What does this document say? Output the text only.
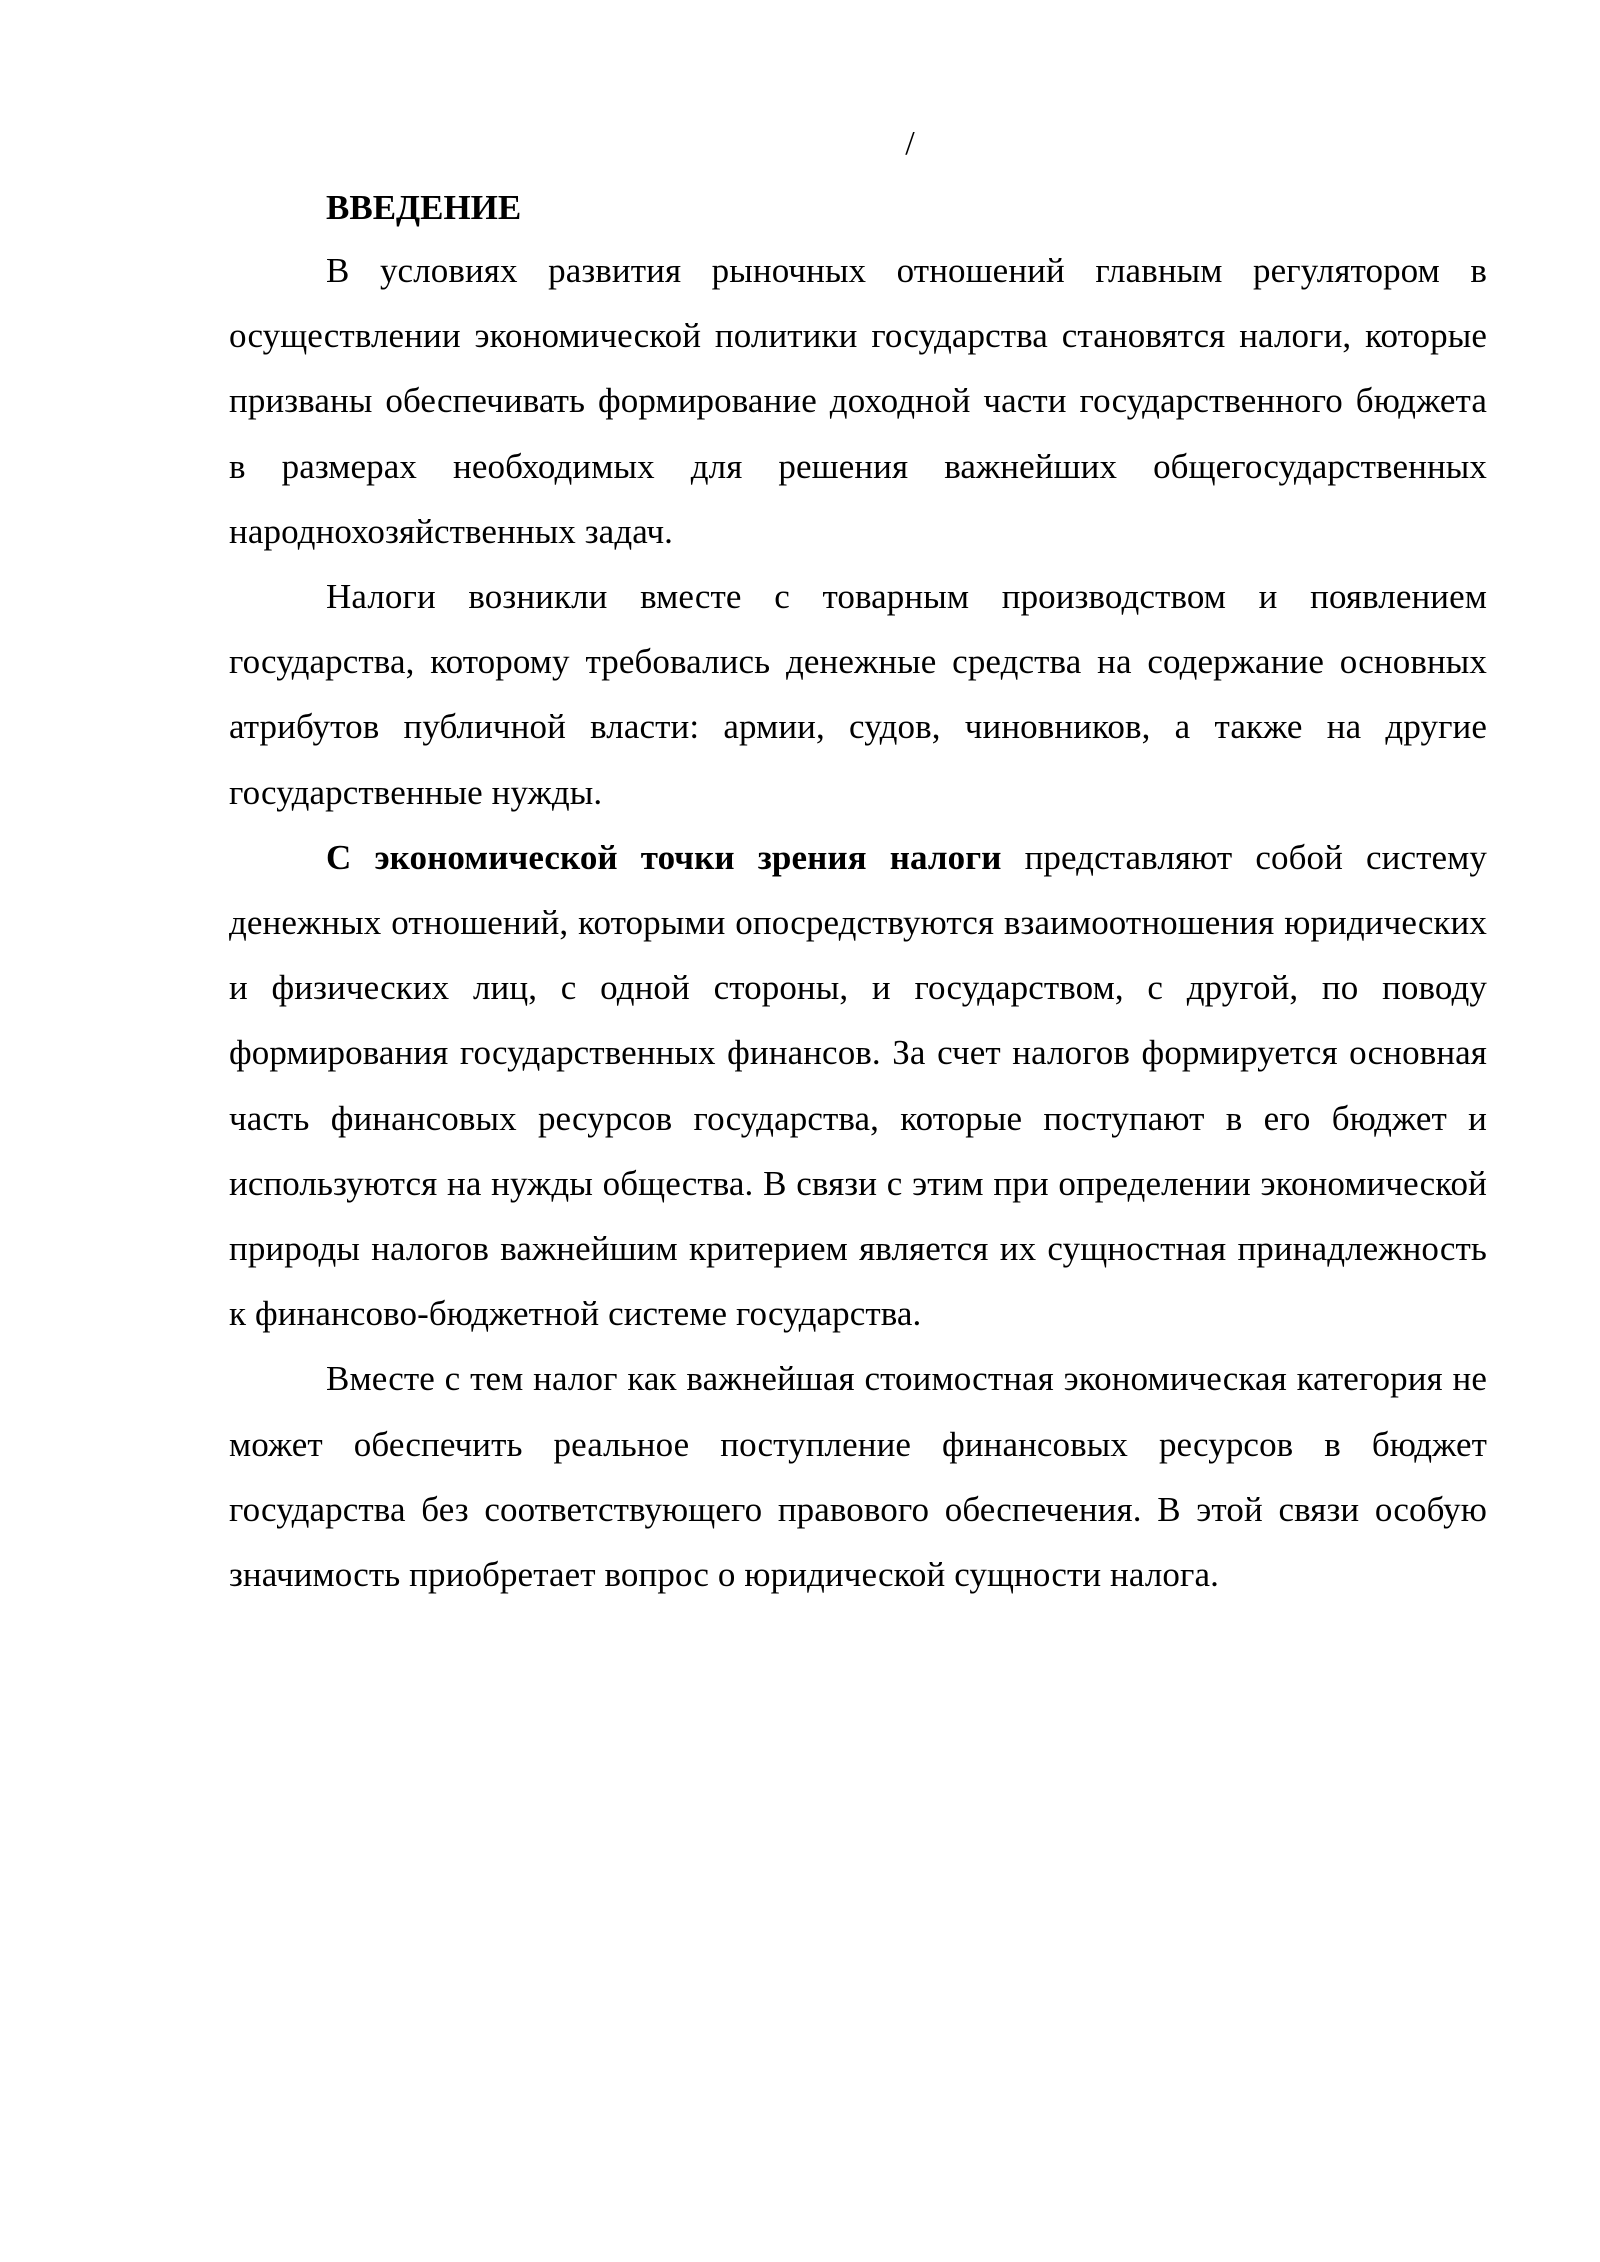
/
ВВЕДЕНИЕ

В условиях развития рыночных отношений главным регулятором в осуществлении экономической политики государства становятся налоги, которые призваны обеспечивать формирование доходной части государственного бюджета в размерах необходимых для решения важнейших общегосударственных народнохозяйственных задач.

Налоги возникли вместе с товарным производством и появлением государства, которому требовались денежные средства на содержание основных атрибутов публичной власти: армии, судов, чиновников, а также на другие государственные нужды.

С экономической точки зрения налоги представляют собой систему денежных отношений, которыми опосредствуются взаимоотношения юридических и физических лиц, с одной стороны, и государством, с другой, по поводу формирования государственных финансов. За счет налогов формируется основная часть финансовых ресурсов государства, которые поступают в его бюджет и используются на нужды общества. В связи с этим при определении экономической природы налогов важнейшим критерием является их сущностная принадлежность к финансово-бюджетной системе государства.

Вместе с тем налог как важнейшая стоимостная экономическая категория не может обеспечить реальное поступление финансовых ресурсов в бюджет государства без соответствующего правового обеспечения. В этой связи особую значимость приобретает вопрос о юридической сущности налога.
